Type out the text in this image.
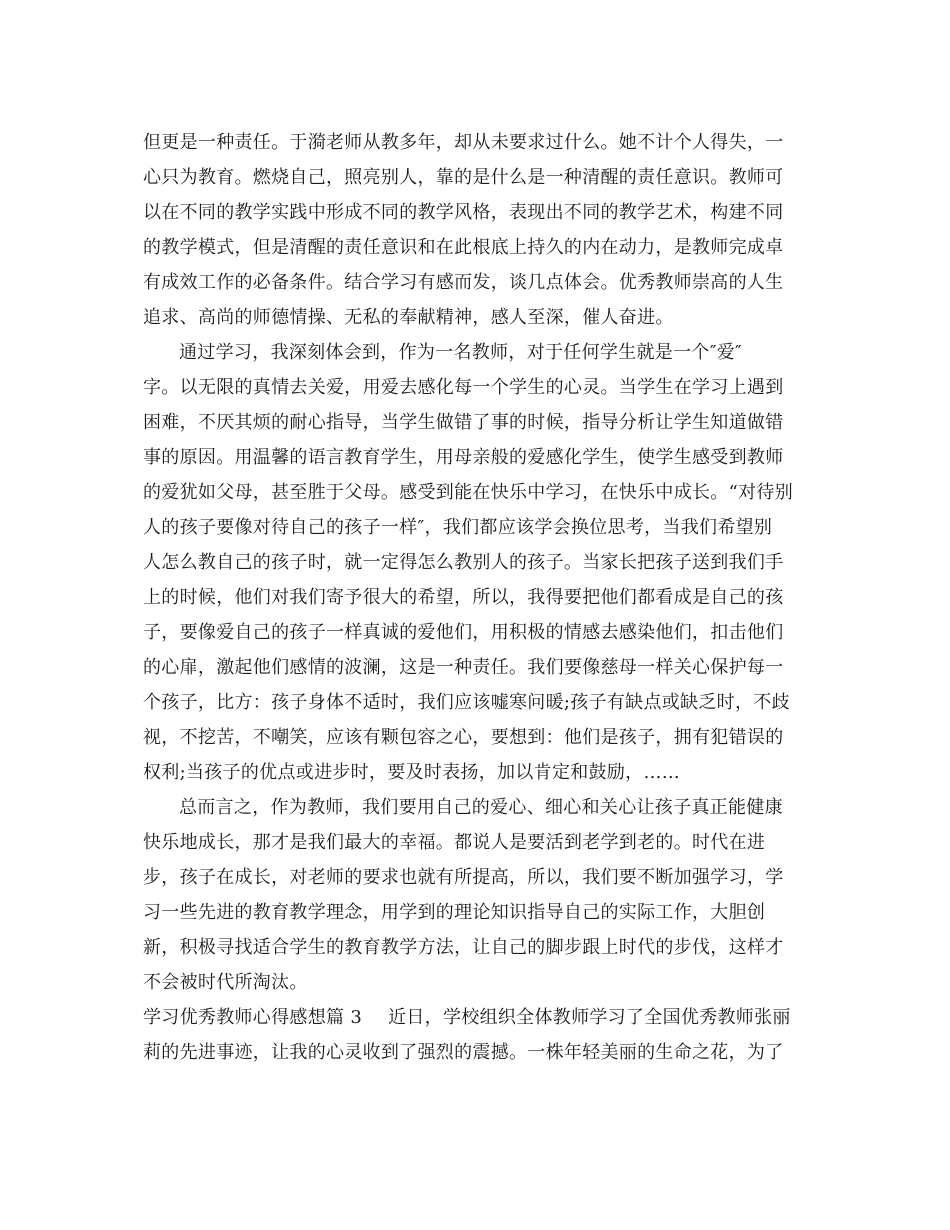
但更是一种责任。于漪老师从教多年，却从未要求过什么。她不计个人得失，一
心只为教育。燃烧自己，照亮别人，靠的是什么是一种清醒的责任意识。教师可
以在不同的教学实践中形成不同的教学风格，表现出不同的教学艺术，构建不同
的教学模式，但是清醒的责任意识和在此根底上持久的内在动力，是教师完成卓
有成效工作的必备条件。结合学习有感而发，谈几点体会。优秀教师崇高的人生
追求、高尚的师德情操、无私的奉献精神，感人至深，催人奋进。
通过学习，我深刻体会到，作为一名教师，对于任何学生就是一个″爱″
字。以无限的真情去关爱，用爱去感化每一个学生的心灵。当学生在学习上遇到
困难，不厌其烦的耐心指导，当学生做错了事的时候，指导分析让学生知道做错
事的原因。用温馨的语言教育学生，用母亲般的爱感化学生，使学生感受到教师
的爱犹如父母，甚至胜于父母。感受到能在快乐中学习，在快乐中成长。“对待别
人的孩子要像对待自己的孩子一样″，我们都应该学会换位思考，当我们希望别
人怎么教自己的孩子时，就一定得怎么教别人的孩子。当家长把孩子送到我们手
上的时候，他们对我们寄予很大的希望，所以，我得要把他们都看成是自己的孩
子，要像爱自己的孩子一样真诚的爱他们，用积极的情感去感染他们，扣击他们
的心扉，激起他们感情的波澜，这是一种责任。我们要像慈母一样关心保护每一
个孩子，比方：孩子身体不适时，我们应该嘘寒问暖;孩子有缺点或缺乏时，不歧
视，不挖苦，不嘲笑，应该有颗包容之心，要想到：他们是孩子，拥有犯错误的
权利;当孩子的优点或进步时，要及时表扬，加以肯定和鼓励，……
总而言之，作为教师，我们要用自己的爱心、细心和关心让孩子真正能健康
快乐地成长，那才是我们最大的幸福。都说人是要活到老学到老的。时代在进
步，孩子在成长，对老师的要求也就有所提高，所以，我们要不断加强学习，学
习一些先进的教育教学理念，用学到的理论知识指导自己的实际工作，大胆创
新，积极寻找适合学生的教育教学方法，让自己的脚步跟上时代的步伐，这样才
不会被时代所淘汰。
学习优秀教师心得感想篇 3 近日，学校组织全体教师学习了全国优秀教师张丽
莉的先进事迹，让我的心灵收到了强烈的震撼。一株年轻美丽的生命之花，为了
